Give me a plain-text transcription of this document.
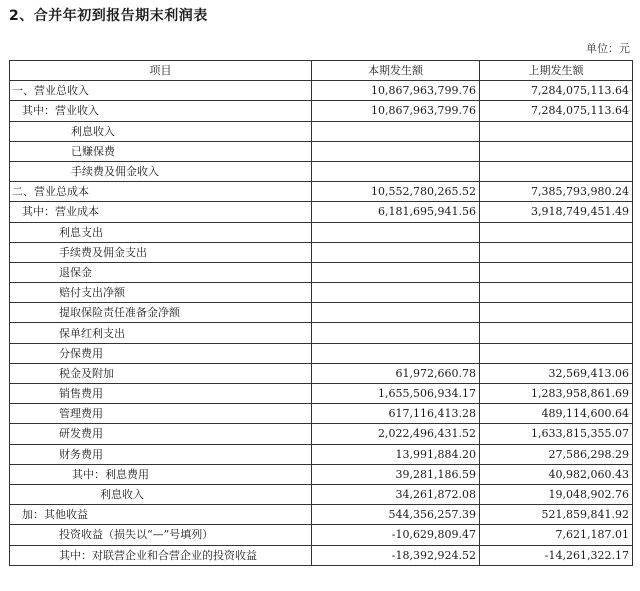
2、合并年初到报告期末利润表
单位：元
项目	本期发生额	上期发生额
一、营业总收入	10,867,963,799.76	7,284,075,113.64
其中：营业收入	10,867,963,799.76	7,284,075,113.64
利息收入		
已赚保费		
手续费及佣金收入		
二、营业总成本	10,552,780,265.52	7,385,793,980.24
其中：营业成本	6,181,695,941.56	3,918,749,451.49
利息支出		
手续费及佣金支出		
退保金		
赔付支出净额		
提取保险责任准备金净额		
保单红利支出		
分保费用		
税金及附加	61,972,660.78	32,569,413.06
销售费用	1,655,506,934.17	1,283,958,861.69
管理费用	617,116,413.28	489,114,600.64
研发费用	2,022,496,431.52	1,633,815,355.07
财务费用	13,991,884.20	27,586,298.29
其中：利息费用	39,281,186.59	40,982,060.43
利息收入	34,261,872.08	19,048,902.76
加：其他收益	544,356,257.39	521,859,841.92
投资收益（损失以“—”号填列）	-10,629,809.47	7,621,187.01
其中：对联营企业和合营企业的投资收益	-18,392,924.52	-14,261,322.17
